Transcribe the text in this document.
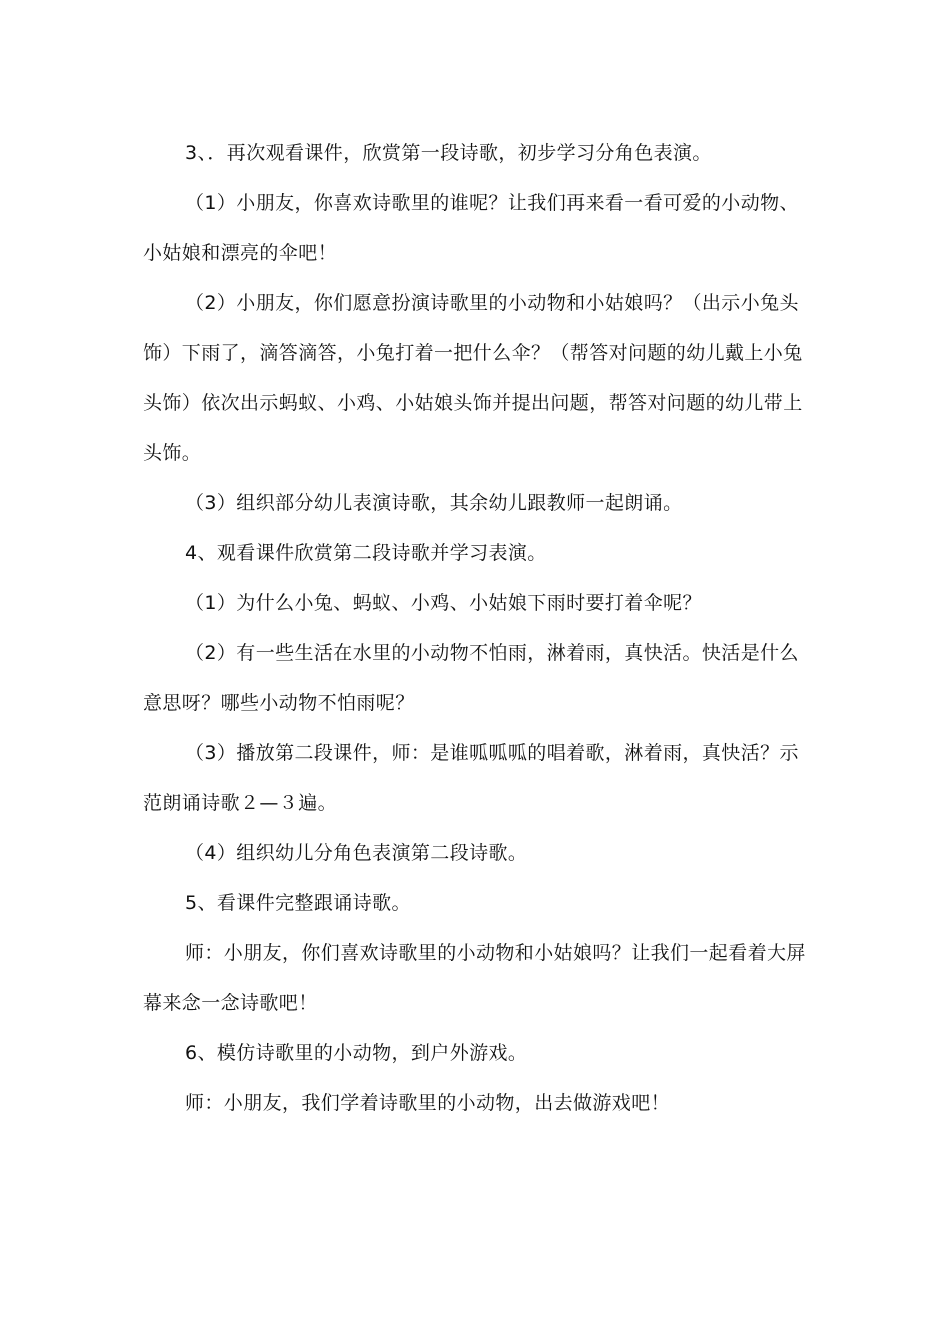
3、．再次观看课件，欣赏第一段诗歌，初步学习分角色表演。

（1）小朋友，你喜欢诗歌里的谁呢？让我们再来看一看可爱的小动物、小姑娘和漂亮的伞吧！

（2）小朋友，你们愿意扮演诗歌里的小动物和小姑娘吗？（出示小兔头饰）下雨了，滴答滴答，小兔打着一把什么伞？（帮答对问题的幼儿戴上小兔头饰）依次出示蚂蚁、小鸡、小姑娘头饰并提出问题，帮答对问题的幼儿带上头饰。

（3）组织部分幼儿表演诗歌，其余幼儿跟教师一起朗诵。

4、观看课件欣赏第二段诗歌并学习表演。

（1）为什么小兔、蚂蚁、小鸡、小姑娘下雨时要打着伞呢？

（2）有一些生活在水里的小动物不怕雨，淋着雨，真快活。快活是什么意思呀？哪些小动物不怕雨呢？

（3）播放第二段课件，师：是谁呱呱呱的唱着歌，淋着雨，真快活？示范朗诵诗歌２—３遍。

（4）组织幼儿分角色表演第二段诗歌。

5、看课件完整跟诵诗歌。

师：小朋友，你们喜欢诗歌里的小动物和小姑娘吗？让我们一起看着大屏幕来念一念诗歌吧！

6、模仿诗歌里的小动物，到户外游戏。

师：小朋友，我们学着诗歌里的小动物，出去做游戏吧！
